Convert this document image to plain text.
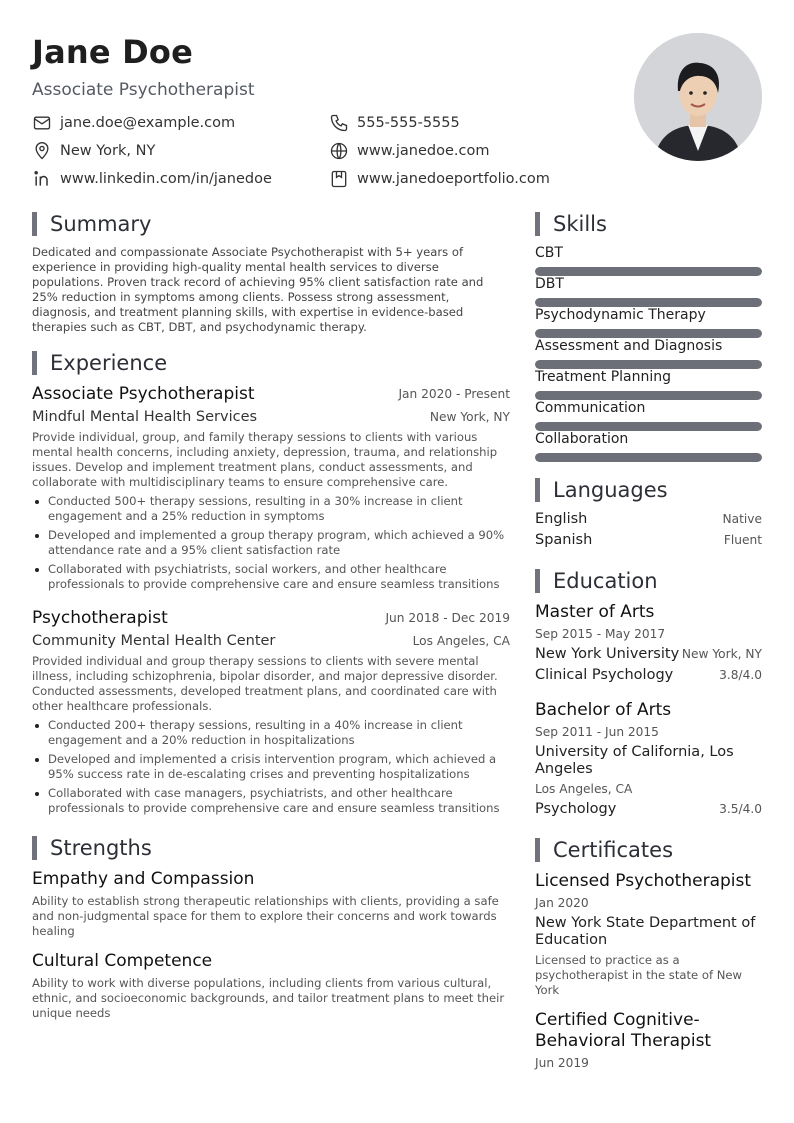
Jane Doe
Associate Psychotherapist
jane.doe@example.com	555-555-5555
New York, NY	www.janedoe.com
www.linkedin.com/in/janedoe	www.janedoeportfolio.com
Summary
Dedicated and compassionate Associate Psychotherapist with 5+ years of experience in providing high-quality mental health services to diverse populations. Proven track record of achieving 95% client satisfaction rate and 25% reduction in symptoms among clients. Possess strong assessment, diagnosis, and treatment planning skills, with expertise in evidence-based therapies such as CBT, DBT, and psychodynamic therapy.
Experience
Associate Psychotherapist	Jan 2020 - Present
Mindful Mental Health Services	New York, NY
Provide individual, group, and family therapy sessions to clients with various mental health concerns, including anxiety, depression, trauma, and relationship issues. Develop and implement treatment plans, conduct assessments, and collaborate with multidisciplinary teams to ensure comprehensive care.
Conducted 500+ therapy sessions, resulting in a 30% increase in client engagement and a 25% reduction in symptoms
Developed and implemented a group therapy program, which achieved a 90% attendance rate and a 95% client satisfaction rate
Collaborated with psychiatrists, social workers, and other healthcare professionals to provide comprehensive care and ensure seamless transitions
Psychotherapist	Jun 2018 - Dec 2019
Community Mental Health Center	Los Angeles, CA
Provided individual and group therapy sessions to clients with severe mental illness, including schizophrenia, bipolar disorder, and major depressive disorder. Conducted assessments, developed treatment plans, and coordinated care with other healthcare professionals.
Conducted 200+ therapy sessions, resulting in a 40% increase in client engagement and a 20% reduction in hospitalizations
Developed and implemented a crisis intervention program, which achieved a 95% success rate in de-escalating crises and preventing hospitalizations
Collaborated with case managers, psychiatrists, and other healthcare professionals to provide comprehensive care and ensure seamless transitions
Strengths
Empathy and Compassion
Ability to establish strong therapeutic relationships with clients, providing a safe and non-judgmental space for them to explore their concerns and work towards healing
Cultural Competence
Ability to work with diverse populations, including clients from various cultural, ethnic, and socioeconomic backgrounds, and tailor treatment plans to meet their unique needs
Skills
CBT
DBT
Psychodynamic Therapy
Assessment and Diagnosis
Treatment Planning
Communication
Collaboration
Languages
English	Native
Spanish	Fluent
Education
Master of Arts
Sep 2015 - May 2017
New York University New York, NY
Clinical Psychology	3.8/4.0
Bachelor of Arts
Sep 2011 - Jun 2015
University of California, Los Angeles
Los Angeles, CA
Psychology	3.5/4.0
Certificates
Licensed Psychotherapist
Jan 2020
New York State Department of Education
Licensed to practice as a psychotherapist in the state of New York
Certified Cognitive-Behavioral Therapist
Jun 2019
